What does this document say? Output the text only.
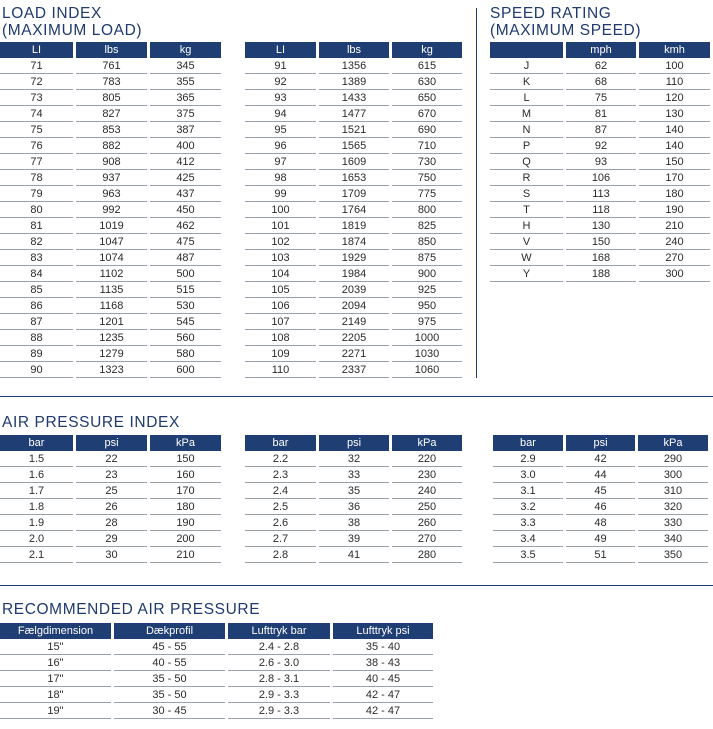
LOAD INDEX
(MAXIMUM LOAD)
SPEED RATING
(MAXIMUM SPEED)
LI	lbs	kg
71	761	345
72	783	355
73	805	365
74	827	375
75	853	387
76	882	400
77	908	412
78	937	425
79	963	437
80	992	450
81	1019	462
82	1047	475
83	1074	487
84	1102	500
85	1135	515
86	1168	530
87	1201	545
88	1235	560
89	1279	580
90	1323	600
LI	lbs	kg
91	1356	615
92	1389	630
93	1433	650
94	1477	670
95	1521	690
96	1565	710
97	1609	730
98	1653	750
99	1709	775
100	1764	800
101	1819	825
102	1874	850
103	1929	875
104	1984	900
105	2039	925
106	2094	950
107	2149	975
108	2205	1000
109	2271	1030
110	2337	1060
	mph	kmh
J	62	100
K	68	110
L	75	120
M	81	130
N	87	140
P	92	140
Q	93	150
R	106	170
S	113	180
T	118	190
H	130	210
V	150	240
W	168	270
Y	188	300
AIR PRESSURE INDEX
bar	psi	kPa
1.5	22	150
1.6	23	160
1.7	25	170
1.8	26	180
1.9	28	190
2.0	29	200
2.1	30	210
bar	psi	kPa
2.2	32	220
2.3	33	230
2.4	35	240
2.5	36	250
2.6	38	260
2.7	39	270
2.8	41	280
bar	psi	kPa
2.9	42	290
3.0	44	300
3.1	45	310
3.2	46	320
3.3	48	330
3.4	49	340
3.5	51	350
RECOMMENDED AIR PRESSURE
Fælgdimension	Dækprofil	Lufttryk bar	Lufttryk psi
15"	45 - 55	2.4 - 2.8	35 - 40
16"	40 - 55	2.6 - 3.0	38 - 43
17"	35 - 50	2.8 - 3.1	40 - 45
18"	35 - 50	2.9 - 3.3	42 - 47
19"	30 - 45	2.9 - 3.3	42 - 47
